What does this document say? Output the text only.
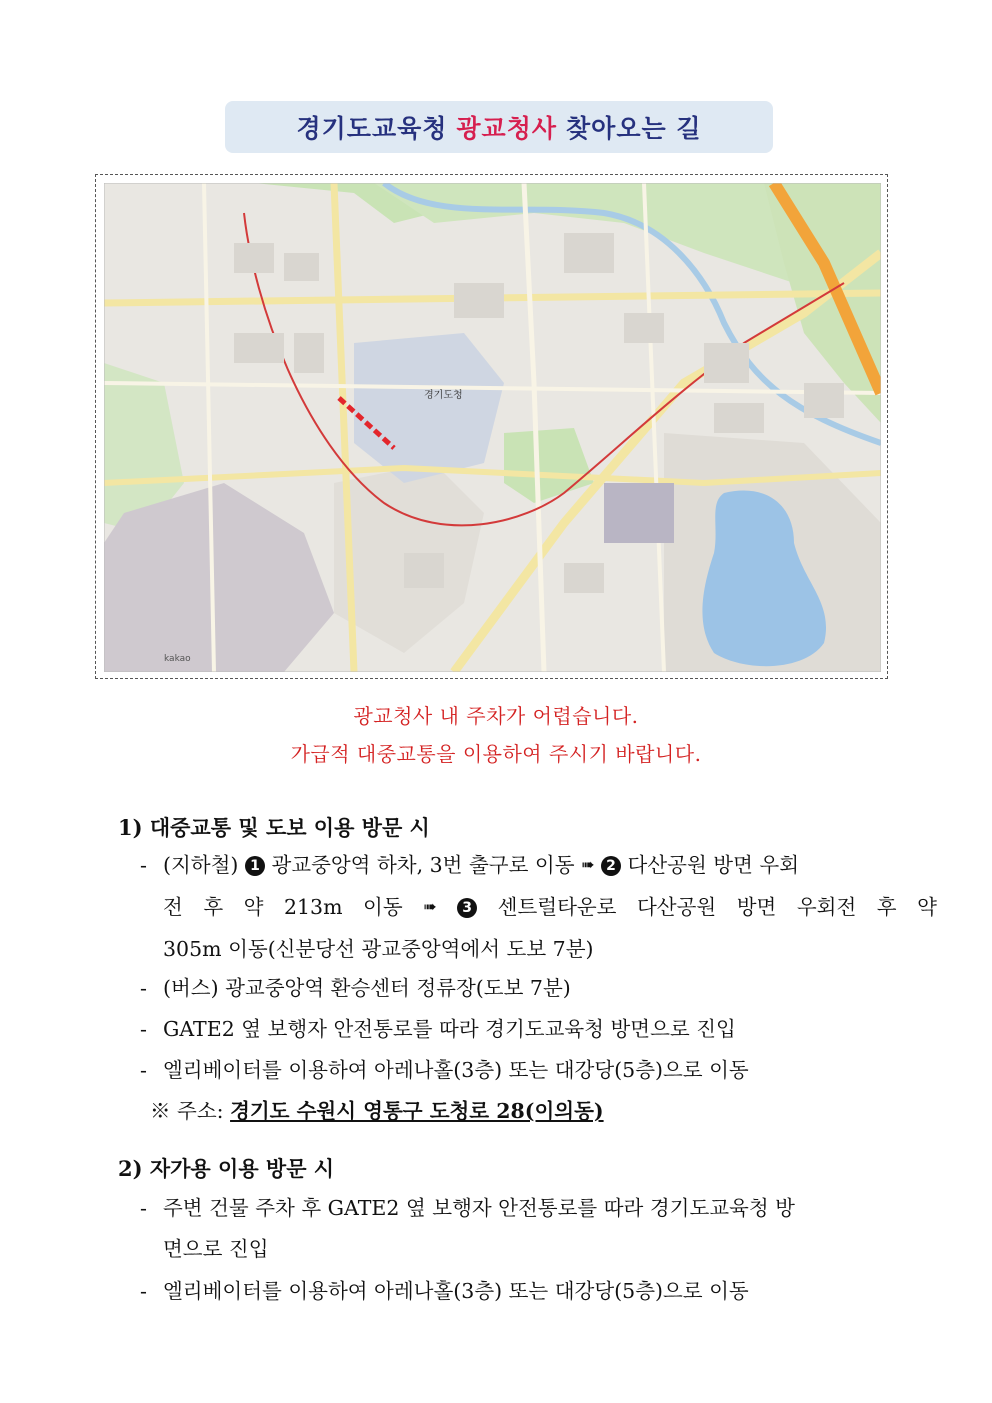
경기도교육청 광교청사 찾아오는 길
경기도청
kakao
광교청사 내 주차가 어렵습니다.
가급적 대중교통을 이용하여 주시기 바랍니다.
1) 대중교통 및 도보 이용 방문 시
- (지하철) 1 광교중앙역 하차, 3번 출구로 이동 ➠ 2 다산공원 방면 우회
전 후 약 213m 이동 ➠ 3 센트럴타운로 다산공원 방면 우회전 후 약
305m 이동(신분당선 광교중앙역에서 도보 7분)
- (버스) 광교중앙역 환승센터 정류장(도보 7분)
- GATE2 옆 보행자 안전통로를 따라 경기도교육청 방면으로 진입
- 엘리베이터를 이용하여 아레나홀(3층) 또는 대강당(5층)으로 이동
※ 주소: 경기도 수원시 영통구 도청로 28(이의동)
2) 자가용 이용 방문 시
- 주변 건물 주차 후 GATE2 옆 보행자 안전통로를 따라 경기도교육청 방
면으로 진입
- 엘리베이터를 이용하여 아레나홀(3층) 또는 대강당(5층)으로 이동
